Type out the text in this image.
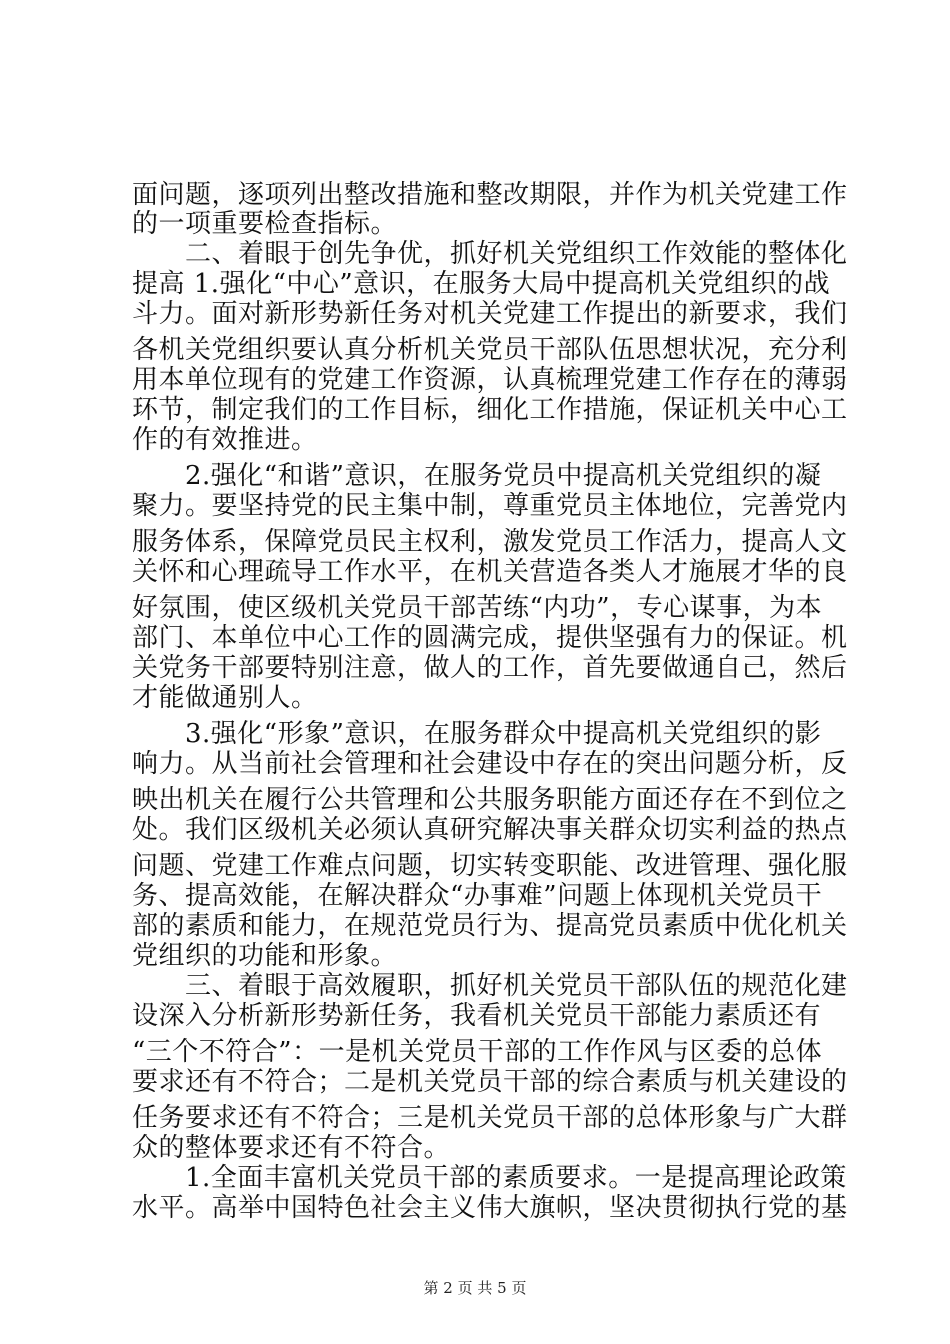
面问题，逐项列出整改措施和整改期限，并作为机关党建工作
的一项重要检查指标。
　　二、着眼于创先争优，抓好机关党组织工作效能的整体化
提高 1.强化“中心”意识，在服务大局中提高机关党组织的战
斗力。面对新形势新任务对机关党建工作提出的新要求，我们
各机关党组织要认真分析机关党员干部队伍思想状况，充分利
用本单位现有的党建工作资源，认真梳理党建工作存在的薄弱
环节，制定我们的工作目标，细化工作措施，保证机关中心工
作的有效推进。
　　2.强化“和谐”意识，在服务党员中提高机关党组织的凝
聚力。要坚持党的民主集中制，尊重党员主体地位，完善党内
服务体系，保障党员民主权利，激发党员工作活力，提高人文
关怀和心理疏导工作水平，在机关营造各类人才施展才华的良
好氛围，使区级机关党员干部苦练“内功”，专心谋事，为本
部门、本单位中心工作的圆满完成，提供坚强有力的保证。机
关党务干部要特别注意，做人的工作，首先要做通自己，然后
才能做通别人。
　　3.强化“形象”意识，在服务群众中提高机关党组织的影
响力。从当前社会管理和社会建设中存在的突出问题分析，反
映出机关在履行公共管理和公共服务职能方面还存在不到位之
处。我们区级机关必须认真研究解决事关群众切实利益的热点
问题、党建工作难点问题，切实转变职能、改进管理、强化服
务、提高效能，在解决群众“办事难”问题上体现机关党员干
部的素质和能力，在规范党员行为、提高党员素质中优化机关
党组织的功能和形象。
　　三、着眼于高效履职，抓好机关党员干部队伍的规范化建
设深入分析新形势新任务，我看机关党员干部能力素质还有
“三个不符合”：一是机关党员干部的工作作风与区委的总体
要求还有不符合；二是机关党员干部的综合素质与机关建设的
任务要求还有不符合；三是机关党员干部的总体形象与广大群
众的整体要求还有不符合。
　　1.全面丰富机关党员干部的素质要求。一是提高理论政策
水平。高举中国特色社会主义伟大旗帜，坚决贯彻执行党的基
第 2 页 共 5 页
